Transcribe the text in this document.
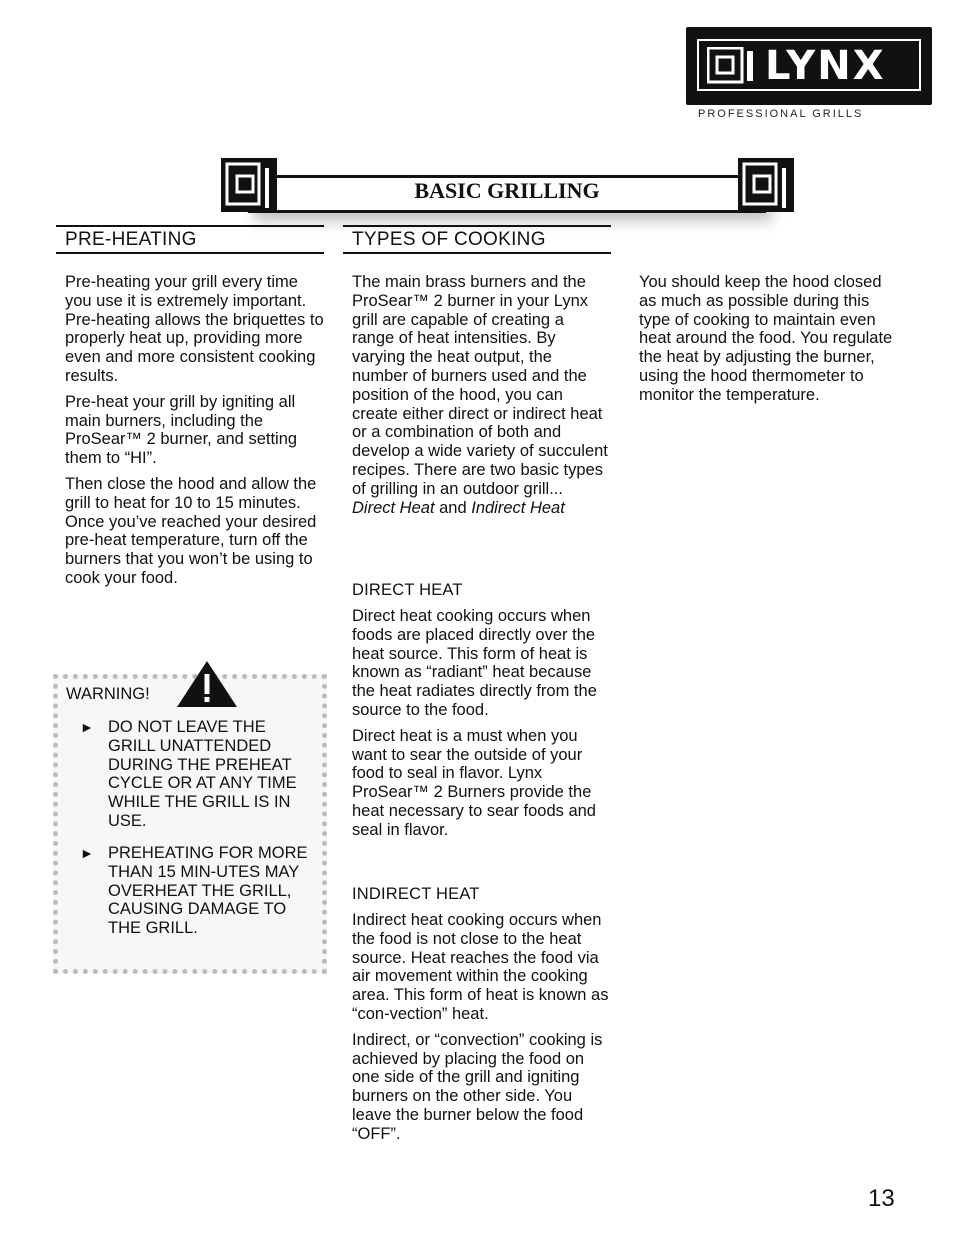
LYNX
PROFESSIONAL GRILLS
BASIC GRILLING
PRE-HEATING

Pre-heating your grill every time you use it is extremely important. Pre-heating allows the briquettes to properly heat up, providing more even and more consistent cooking results.

Pre-heat your grill by igniting all main burners, including the ProSear™ 2 burner, and setting them to “HI”.

Then close the hood and allow the grill to heat for 10 to 15 minutes. Once you’ve reached your desired pre-heat temperature, turn off the burners that you won’t be using to cook your food.

WARNING!
► DO NOT LEAVE THE GRILL UNATTENDED DURING THE PREHEAT CYCLE OR AT ANY TIME WHILE THE GRILL IS IN USE.
► PREHEATING FOR MORE THAN 15 MIN-UTES MAY OVERHEAT THE GRILL, CAUSING DAMAGE TO THE GRILL.
TYPES OF COOKING

The main brass burners and the ProSear™ 2 burner in your Lynx grill are capable of creating a range of heat intensities. By varying the heat output, the number of burners used and the position of the hood, you can create either direct or indirect heat or a combination of both and develop a wide variety of succulent recipes. There are two basic types of grilling in an outdoor grill... Direct Heat and Indirect Heat

DIRECT HEAT

Direct heat cooking occurs when foods are placed directly over the heat source. This form of heat is known as “radiant” heat because the heat radiates directly from the source to the food.

Direct heat is a must when you want to sear the outside of your food to seal in flavor. Lynx ProSear™ 2 Burners provide the heat necessary to sear foods and seal in flavor.

INDIRECT HEAT

Indirect heat cooking occurs when the food is not close to the heat source. Heat reaches the food via air movement within the cooking area. This form of heat is known as “con-vection” heat.

Indirect, or “convection” cooking is achieved by placing the food on one side of the grill and igniting burners on the other side. You leave the burner below the food “OFF”.

You should keep the hood closed as much as possible during this type of cooking to maintain even heat around the food. You regulate the heat by adjusting the burner, using the hood thermometer to monitor the temperature.

13
